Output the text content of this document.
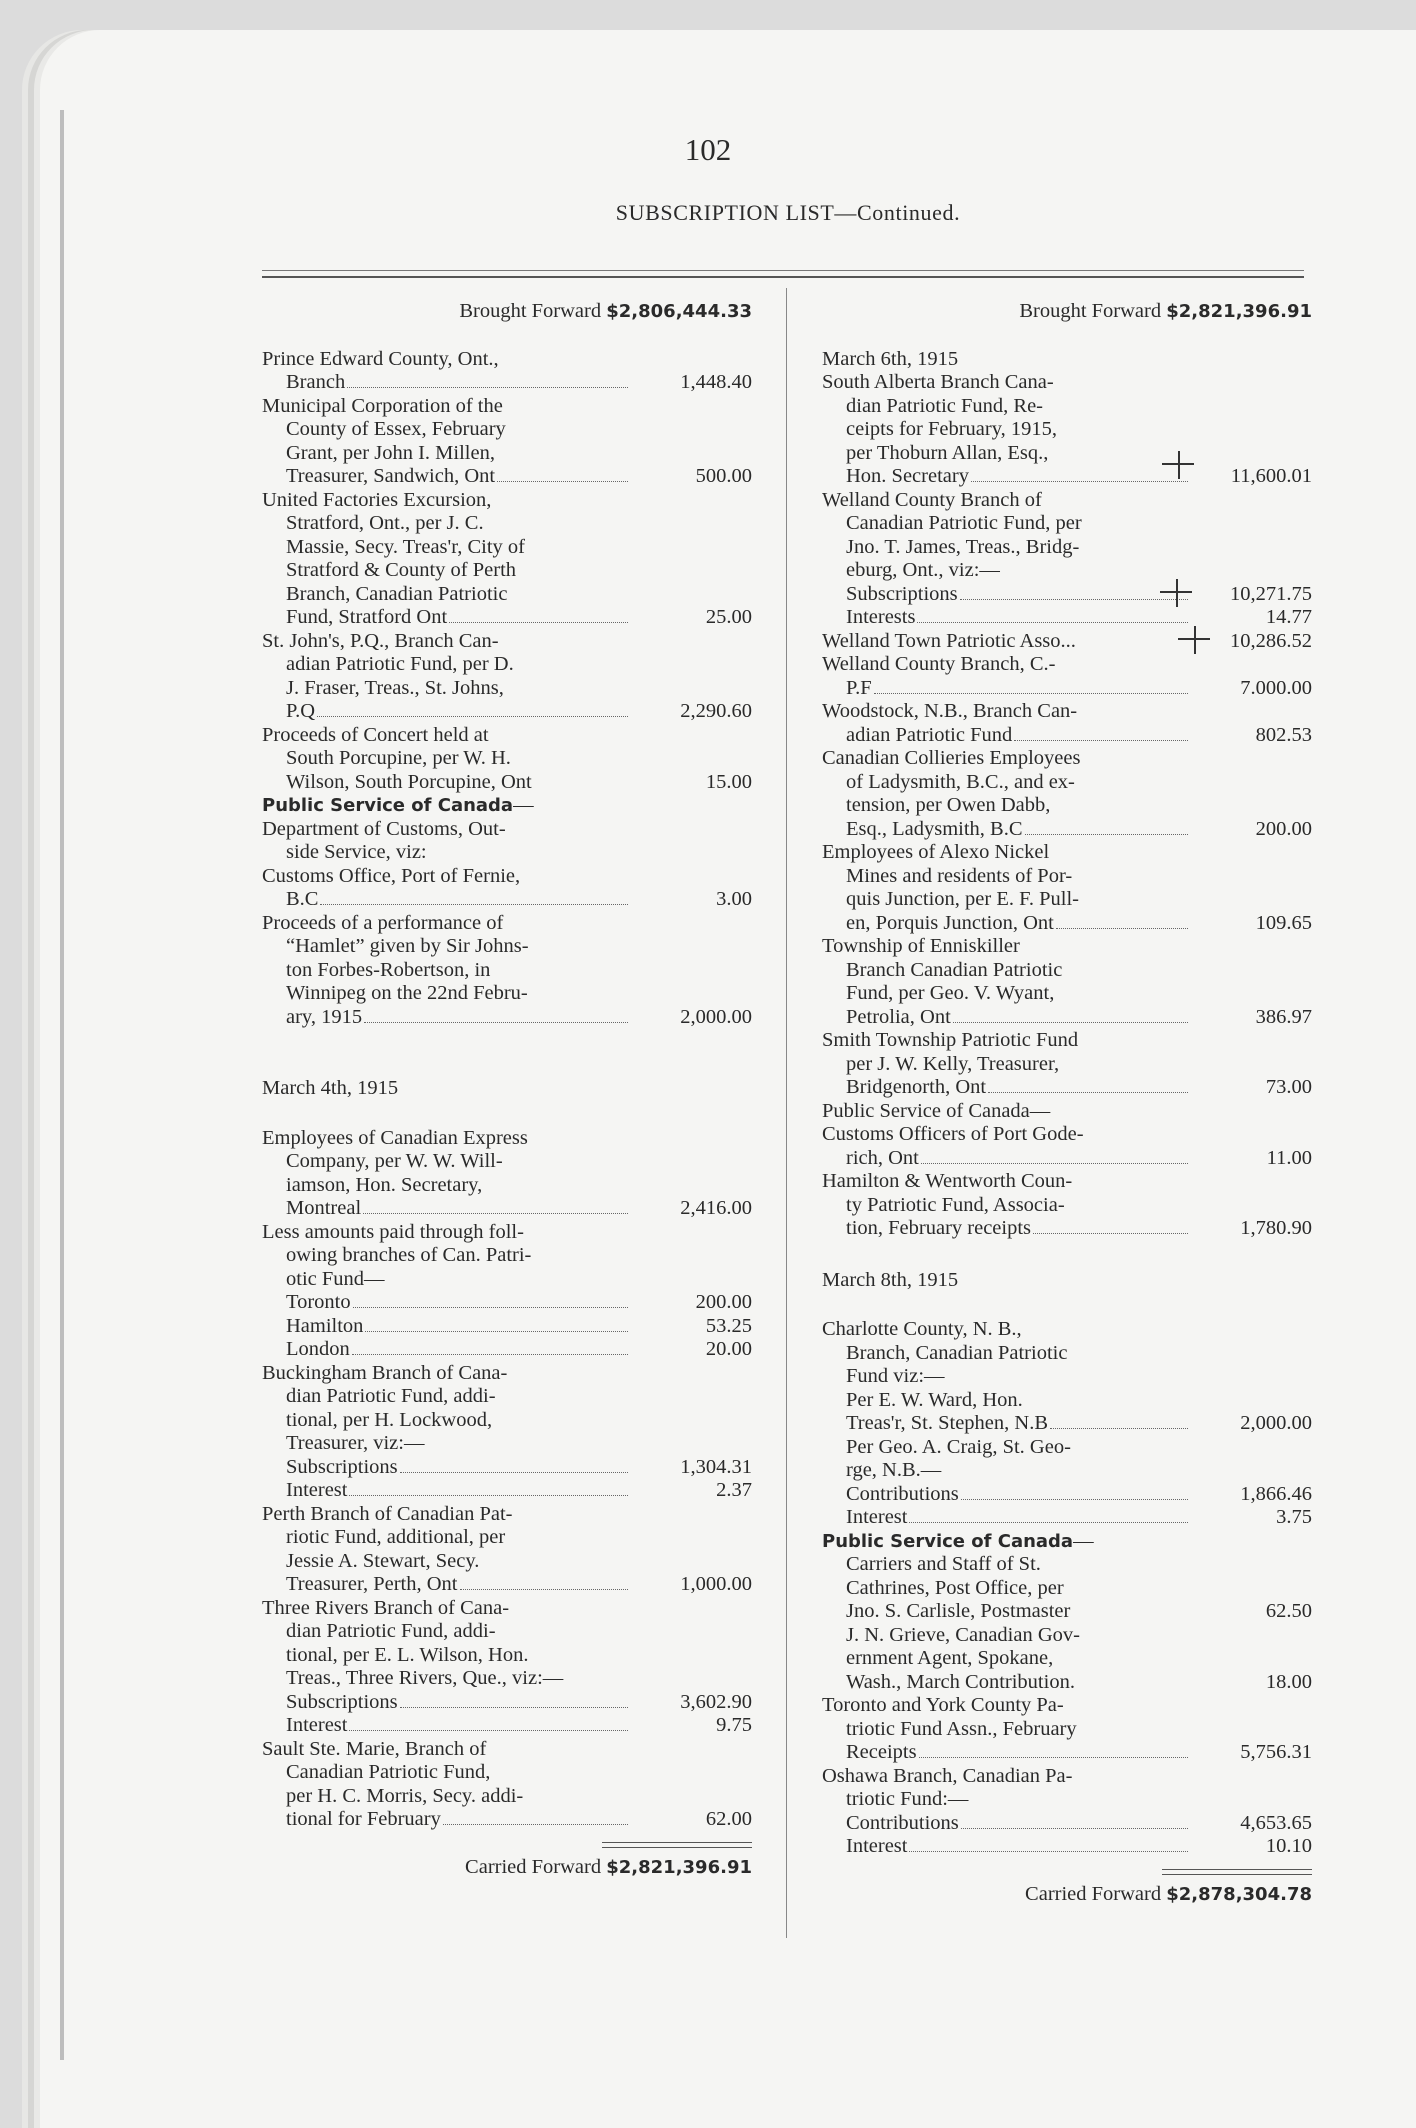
102
SUBSCRIPTION LIST—Continued.
Brought Forward $2,806,444.33
Prince Edward County, Ont.,
Branch	1,448.40
Municipal Corporation of the
County of Essex, February
Grant, per John I. Millen,
Treasurer, Sandwich, Ont	500.00
United Factories Excursion,
Stratford, Ont., per J. C.
Massie, Secy. Treas'r, City of
Stratford & County of Perth
Branch, Canadian Patriotic
Fund, Stratford Ont	25.00
St. John's, P.Q., Branch Can-
adian Patriotic Fund, per D.
J. Fraser, Treas., St. Johns,
P.Q	2,290.60
Proceeds of Concert held at
South Porcupine, per W. H.
Wilson, South Porcupine, Ont	15.00
Public Service of Canada —
Department of Customs, Out-
side Service, viz:
Customs Office, Port of Fernie,
B.C	3.00
Proceeds of a performance of
“Hamlet” given by Sir Johns-
ton Forbes-Robertson, in
Winnipeg on the 22nd Febru-
ary, 1915	2,000.00
March 4th, 1915
Employees of Canadian Express
Company, per W. W. Will-
iamson, Hon. Secretary,
Montreal	2,416.00
Less amounts paid through foll-
owing branches of Can. Patri-
otic Fund—
Toronto	200.00
Hamilton	53.25
London	20.00
Buckingham Branch of Cana-
dian Patriotic Fund, addi-
tional, per H. Lockwood,
Treasurer, viz:—
Subscriptions	1,304.31
Interest	2.37
Perth Branch of Canadian Pat-
riotic Fund, additional, per
Jessie A. Stewart, Secy.
Treasurer, Perth, Ont	1,000.00
Three Rivers Branch of Cana-
dian Patriotic Fund, addi-
tional, per E. L. Wilson, Hon.
Treas., Three Rivers, Que., viz:—
Subscriptions	3,602.90
Interest	9.75
Sault Ste. Marie, Branch of
Canadian Patriotic Fund,
per H. C. Morris, Secy. addi-
tional for February	62.00
Carried Forward $2,821,396.91
Brought Forward $2,821,396.91
March 6th, 1915
South Alberta Branch Cana-
dian Patriotic Fund, Re-
ceipts for February, 1915,
per Thoburn Allan, Esq.,
Hon. Secretary	11,600.01
Welland County Branch of
Canadian Patriotic Fund, per
Jno. T. James, Treas., Bridg-
eburg, Ont., viz:—
Subscriptions	10,271.75
Interests	14.77
Welland Town Patriotic Asso...	10,286.52
Welland County Branch, C.-
P.F	7.000.00
Woodstock, N.B., Branch Can-
adian Patriotic Fund	802.53
Canadian Collieries Employees
of Ladysmith, B.C., and ex-
tension, per Owen Dabb,
Esq., Ladysmith, B.C	200.00
Employees of Alexo Nickel
Mines and residents of Por-
quis Junction, per E. F. Pull-
en, Porquis Junction, Ont	109.65
Township of Enniskiller
Branch Canadian Patriotic
Fund, per Geo. V. Wyant,
Petrolia, Ont	386.97
Smith Township Patriotic Fund
per J. W. Kelly, Treasurer,
Bridgenorth, Ont	73.00
Public Service of Canada—
Customs Officers of Port Gode-
rich, Ont	11.00
Hamilton & Wentworth Coun-
ty Patriotic Fund, Associa-
tion, February receipts	1,780.90
March 8th, 1915
Charlotte County, N. B.,
Branch, Canadian Patriotic
Fund viz:—
Per E. W. Ward, Hon.
Treas'r, St. Stephen, N.B	2,000.00
Per Geo. A. Craig, St. Geo-
rge, N.B.—
Contributions	1,866.46
Interest	3.75
Public Service of Canada —
Carriers and Staff of St.
Cathrines, Post Office, per
Jno. S. Carlisle, Postmaster	62.50
J. N. Grieve, Canadian Gov-
ernment Agent, Spokane,
Wash., March Contribution.	18.00
Toronto and York County Pa-
triotic Fund Assn., February
Receipts	5,756.31
Oshawa Branch, Canadian Pa-
triotic Fund:—
Contributions	4,653.65
Interest	10.10
Carried Forward $2,878,304.78
